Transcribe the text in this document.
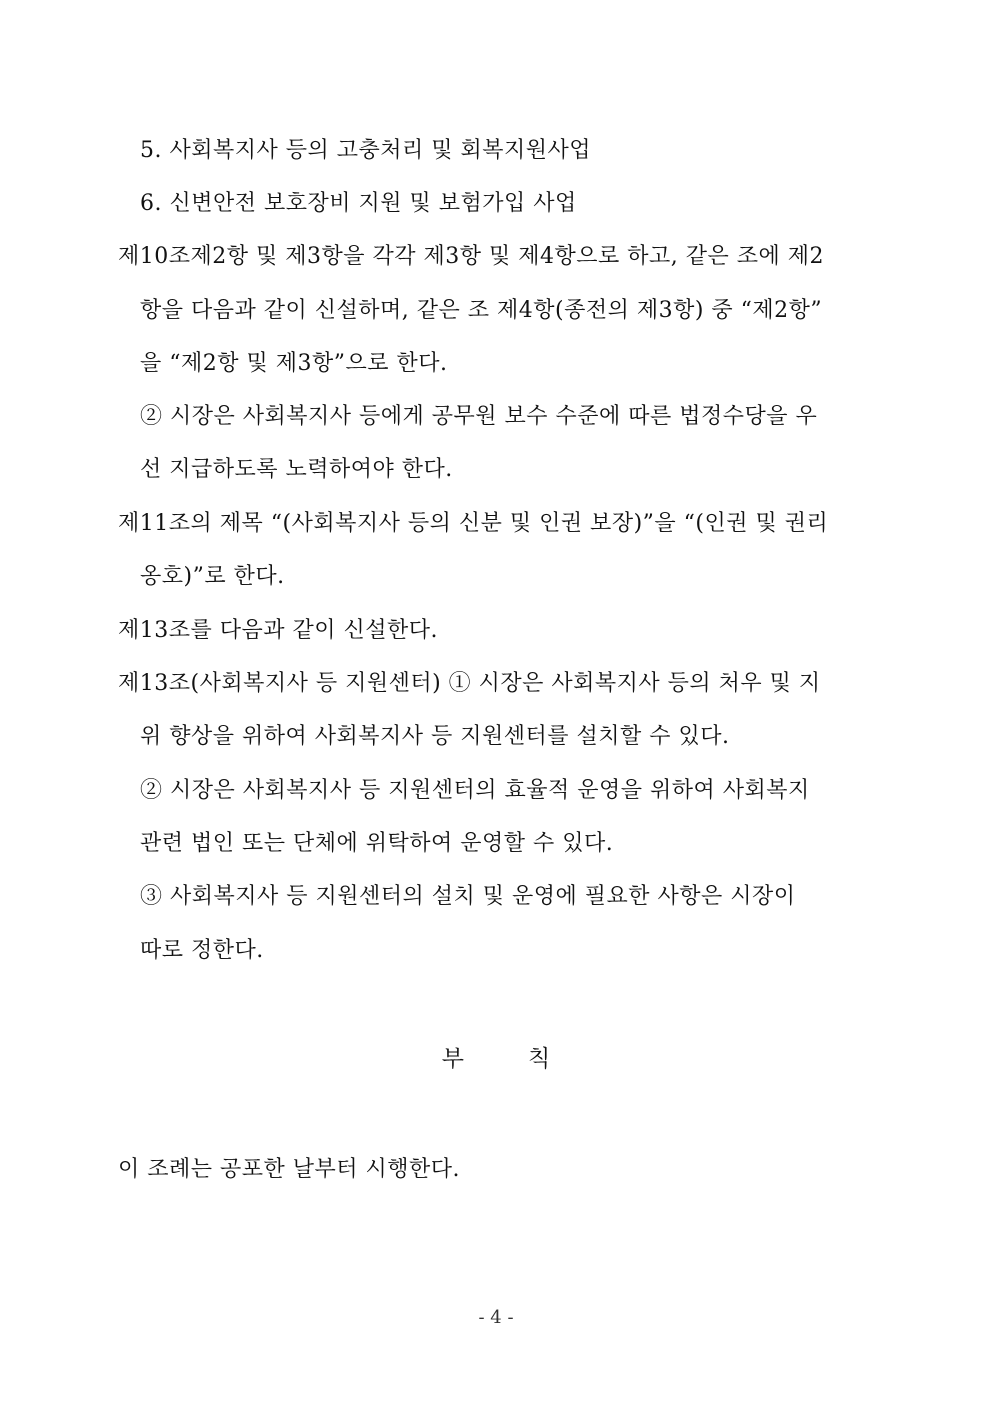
5. 사회복지사 등의 고충처리 및 회복지원사업
6. 신변안전 보호장비 지원 및 보험가입 사업
제10조제2항 및 제3항을 각각 제3항 및 제4항으로 하고, 같은 조에 제2
항을 다음과 같이 신설하며, 같은 조 제4항(종전의 제3항) 중 “제2항”
을 “제2항 및 제3항”으로 한다.
② 시장은 사회복지사 등에게 공무원 보수 수준에 따른 법정수당을 우
선 지급하도록 노력하여야 한다.
제11조의 제목 “(사회복지사 등의 신분 및 인권 보장)”을 “(인권 및 권리
옹호)”로 한다.
제13조를 다음과 같이 신설한다.
제13조(사회복지사 등 지원센터) ① 시장은 사회복지사 등의 처우 및 지
위 향상을 위하여 사회복지사 등 지원센터를 설치할 수 있다.
② 시장은 사회복지사 등 지원센터의 효율적 운영을 위하여 사회복지
관련 법인 또는 단체에 위탁하여 운영할 수 있다.
③ 사회복지사 등 지원센터의 설치 및 운영에 필요한 사항은 시장이
따로 정한다.
부	칙
이 조례는 공포한 날부터 시행한다.
- 4 -
